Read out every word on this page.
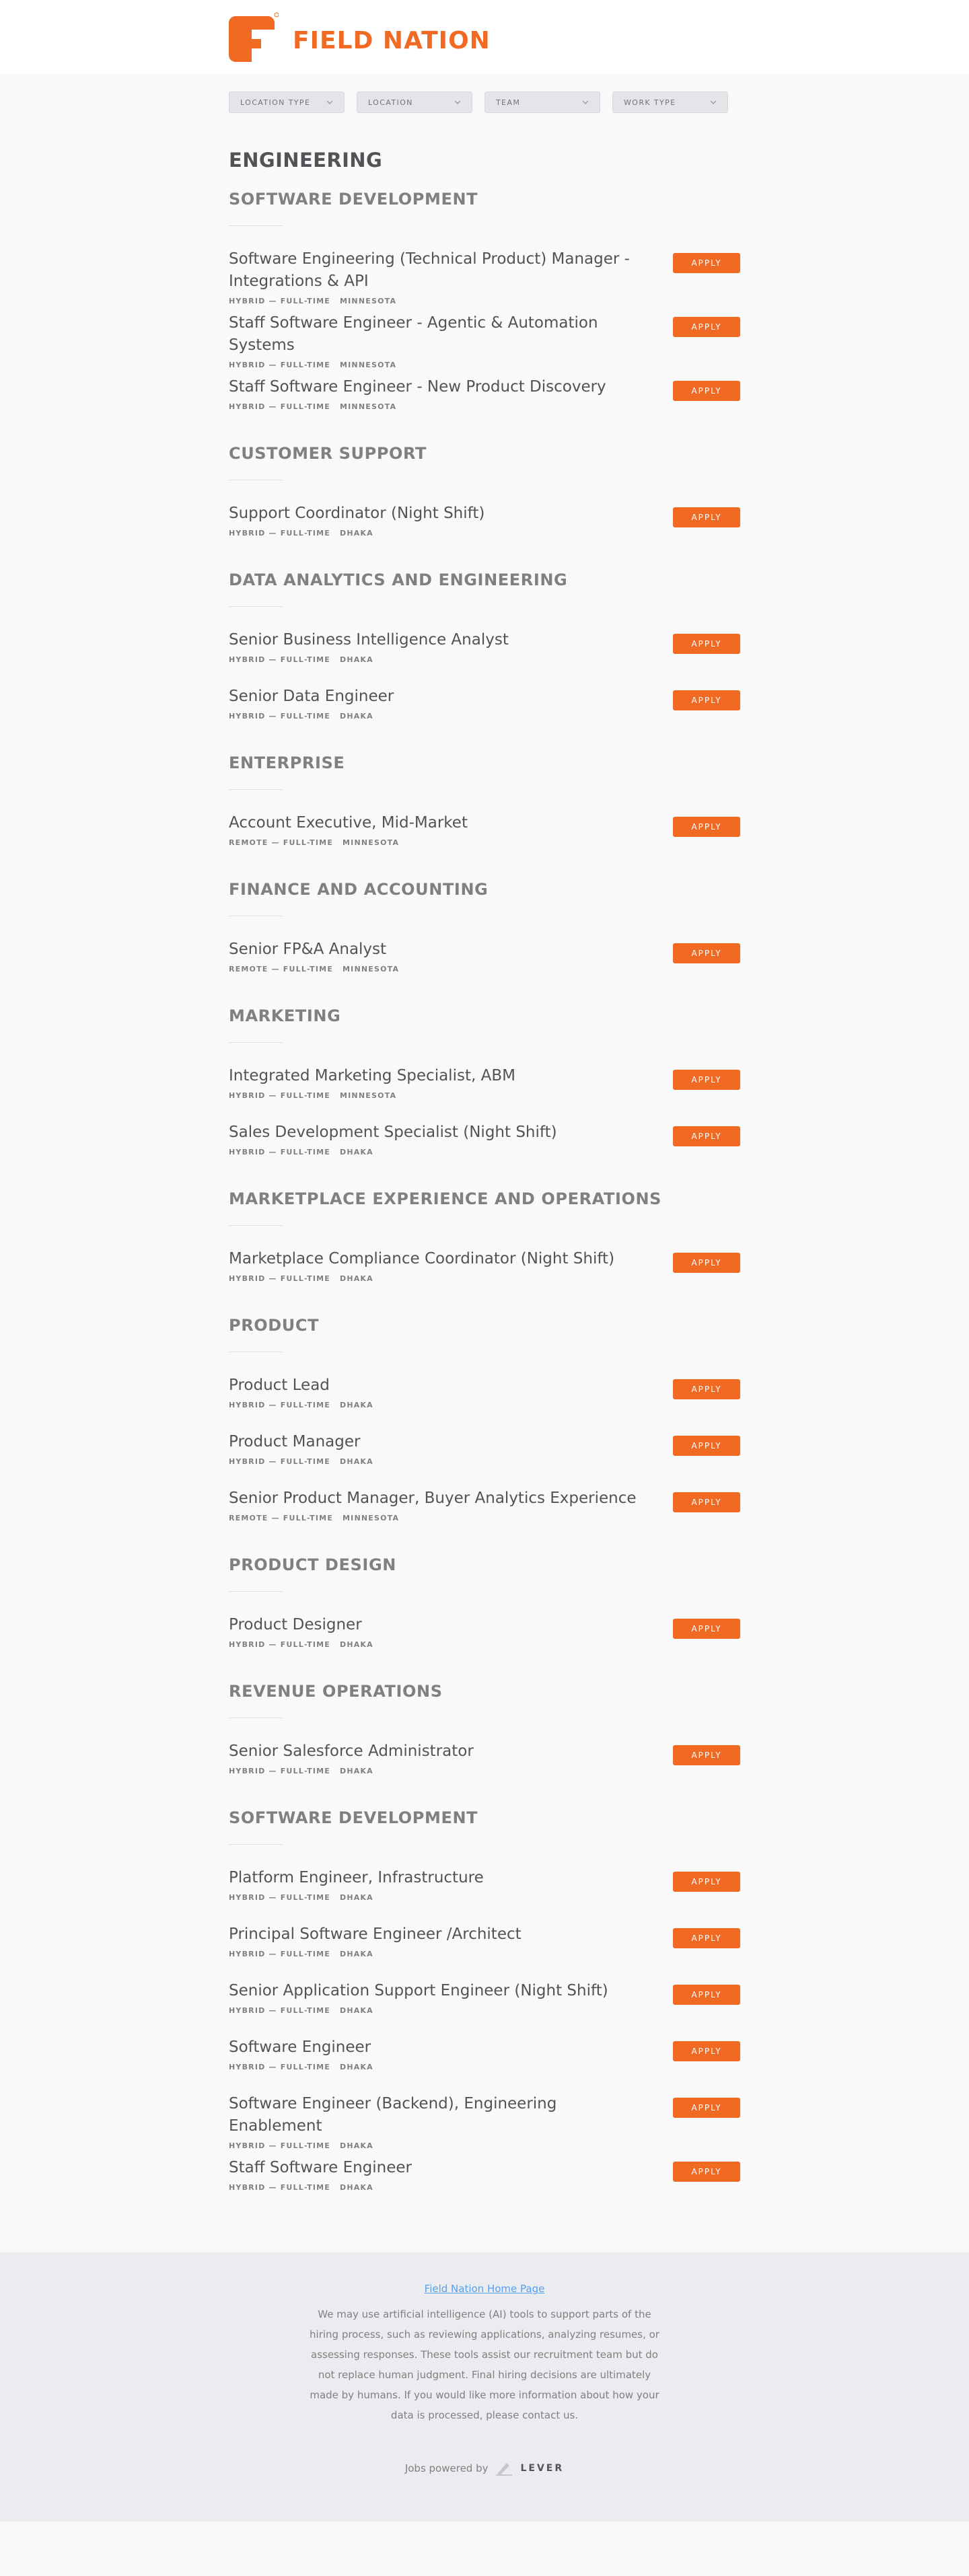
FIELD NATION
LOCATION TYPE	LOCATION	TEAM	WORK TYPE
ENGINEERING
SOFTWARE DEVELOPMENT
Software Engineering (Technical Product) Manager - Integrations & API
HYBRID — FULL-TIME MINNESOTA
APPLY
Staff Software Engineer - Agentic & Automation Systems
HYBRID — FULL-TIME MINNESOTA
APPLY
Staff Software Engineer - New Product Discovery
HYBRID — FULL-TIME MINNESOTA
APPLY
CUSTOMER SUPPORT
Support Coordinator (Night Shift)
HYBRID — FULL-TIME DHAKA
APPLY
DATA ANALYTICS AND ENGINEERING
Senior Business Intelligence Analyst
HYBRID — FULL-TIME DHAKA
APPLY
Senior Data Engineer
HYBRID — FULL-TIME DHAKA
APPLY
ENTERPRISE
Account Executive, Mid-Market
REMOTE — FULL-TIME MINNESOTA
APPLY
FINANCE AND ACCOUNTING
Senior FP&A Analyst
REMOTE — FULL-TIME MINNESOTA
APPLY
MARKETING
Integrated Marketing Specialist, ABM
HYBRID — FULL-TIME MINNESOTA
APPLY
Sales Development Specialist (Night Shift)
HYBRID — FULL-TIME DHAKA
APPLY
MARKETPLACE EXPERIENCE AND OPERATIONS
Marketplace Compliance Coordinator (Night Shift)
HYBRID — FULL-TIME DHAKA
APPLY
PRODUCT
Product Lead
HYBRID — FULL-TIME DHAKA
APPLY
Product Manager
HYBRID — FULL-TIME DHAKA
APPLY
Senior Product Manager, Buyer Analytics Experience
REMOTE — FULL-TIME MINNESOTA
APPLY
PRODUCT DESIGN
Product Designer
HYBRID — FULL-TIME DHAKA
APPLY
REVENUE OPERATIONS
Senior Salesforce Administrator
HYBRID — FULL-TIME DHAKA
APPLY
SOFTWARE DEVELOPMENT
Platform Engineer, Infrastructure
HYBRID — FULL-TIME DHAKA
APPLY
Principal Software Engineer /Architect
HYBRID — FULL-TIME DHAKA
APPLY
Senior Application Support Engineer (Night Shift)
HYBRID — FULL-TIME DHAKA
APPLY
Software Engineer
HYBRID — FULL-TIME DHAKA
APPLY
Software Engineer (Backend), Engineering Enablement
HYBRID — FULL-TIME DHAKA
APPLY
Staff Software Engineer
HYBRID — FULL-TIME DHAKA
APPLY
Field Nation Home Page

We may use artificial intelligence (AI) tools to support parts of the hiring process, such as reviewing applications, analyzing resumes, or assessing responses. These tools assist our recruitment team but do not replace human judgment. Final hiring decisions are ultimately made by humans. If you would like more information about how your data is processed, please contact us.

Jobs powered by	LEVER
